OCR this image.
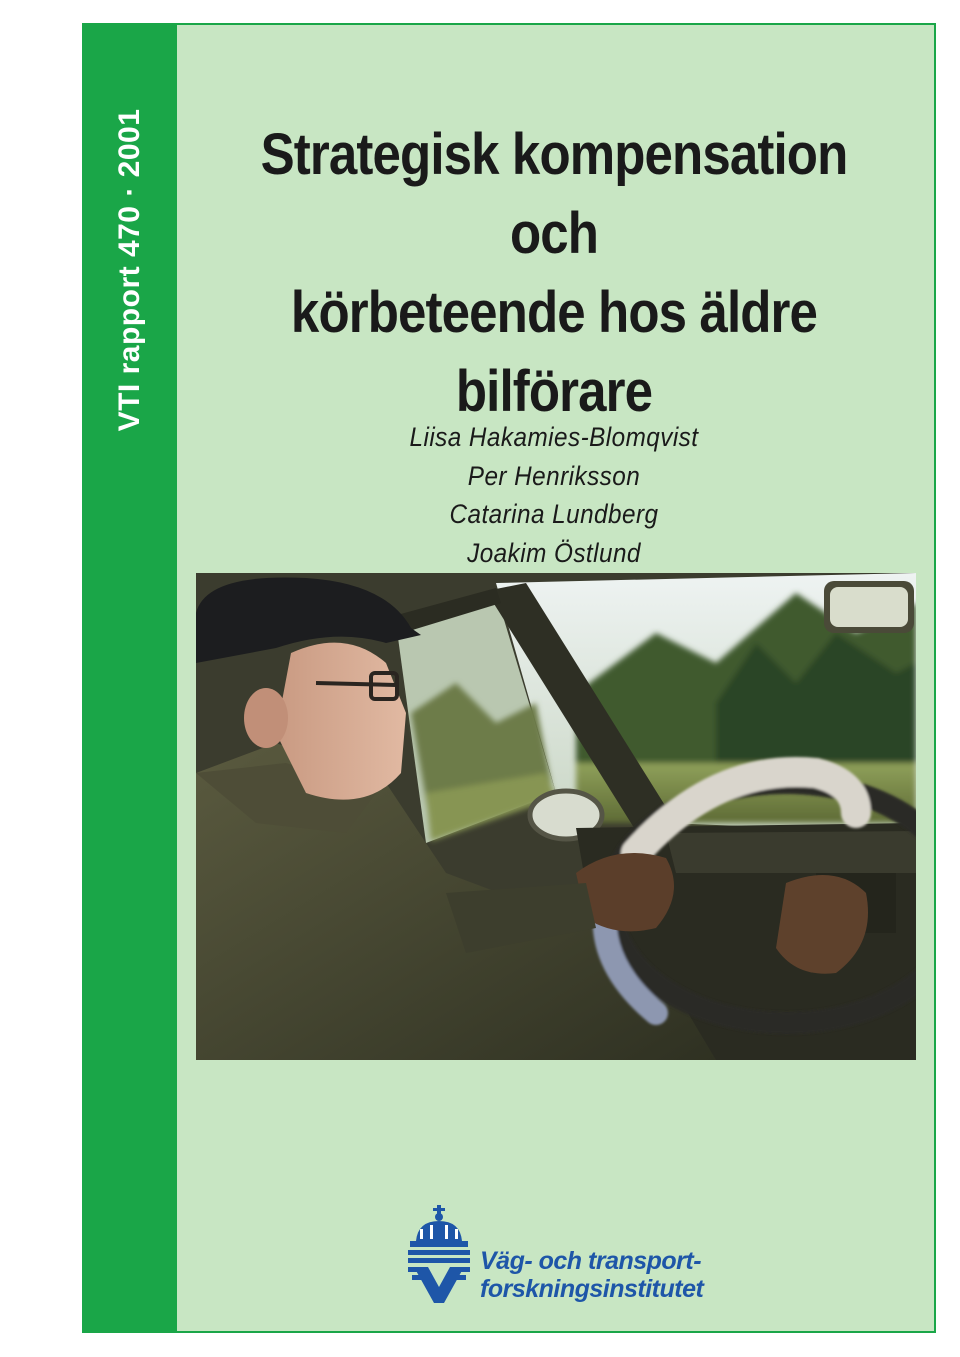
VTI rapport 470 · 2001	Strategisk kompensation och
körbeteende hos äldre
bilförare
Liisa Hakamies-Blomqvist
Per Henriksson
Catarina Lundberg
Joakim Östlund
Väg- och transport-
forskningsinstitutet
